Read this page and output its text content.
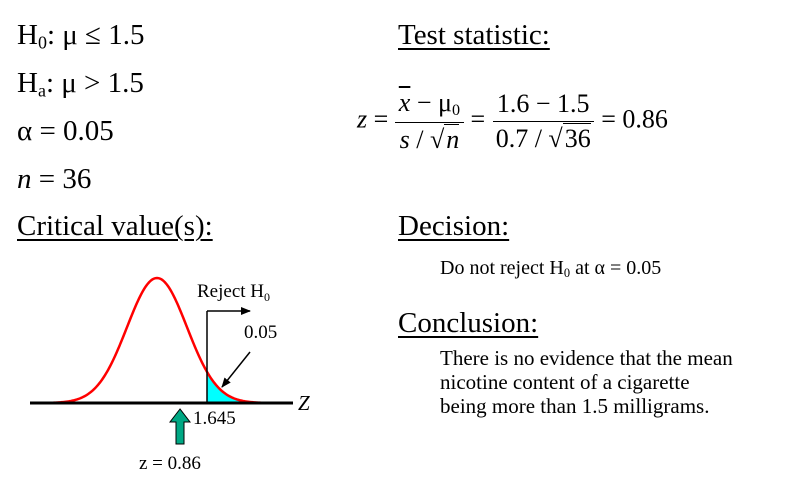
$H_0$: μ ≤ 1.5
$H_a$: μ > 1.5
α = 0.05
n = 36
Test statistic:
$z = \frac{\overline{x} - \mu_0}{s / √n} = \frac{1.6 - 1.5}{0.7 / √36} = 0.86$
Critical value(s):	Decision:
Do not reject $H_0$ at α = 0.05
Conclusion:
There is no evidence that the mean
nicotine content of a cigarette
being more than 1.5 milligrams.
Reject $H_0$
0.05
Z
1.645
z = 0.86
